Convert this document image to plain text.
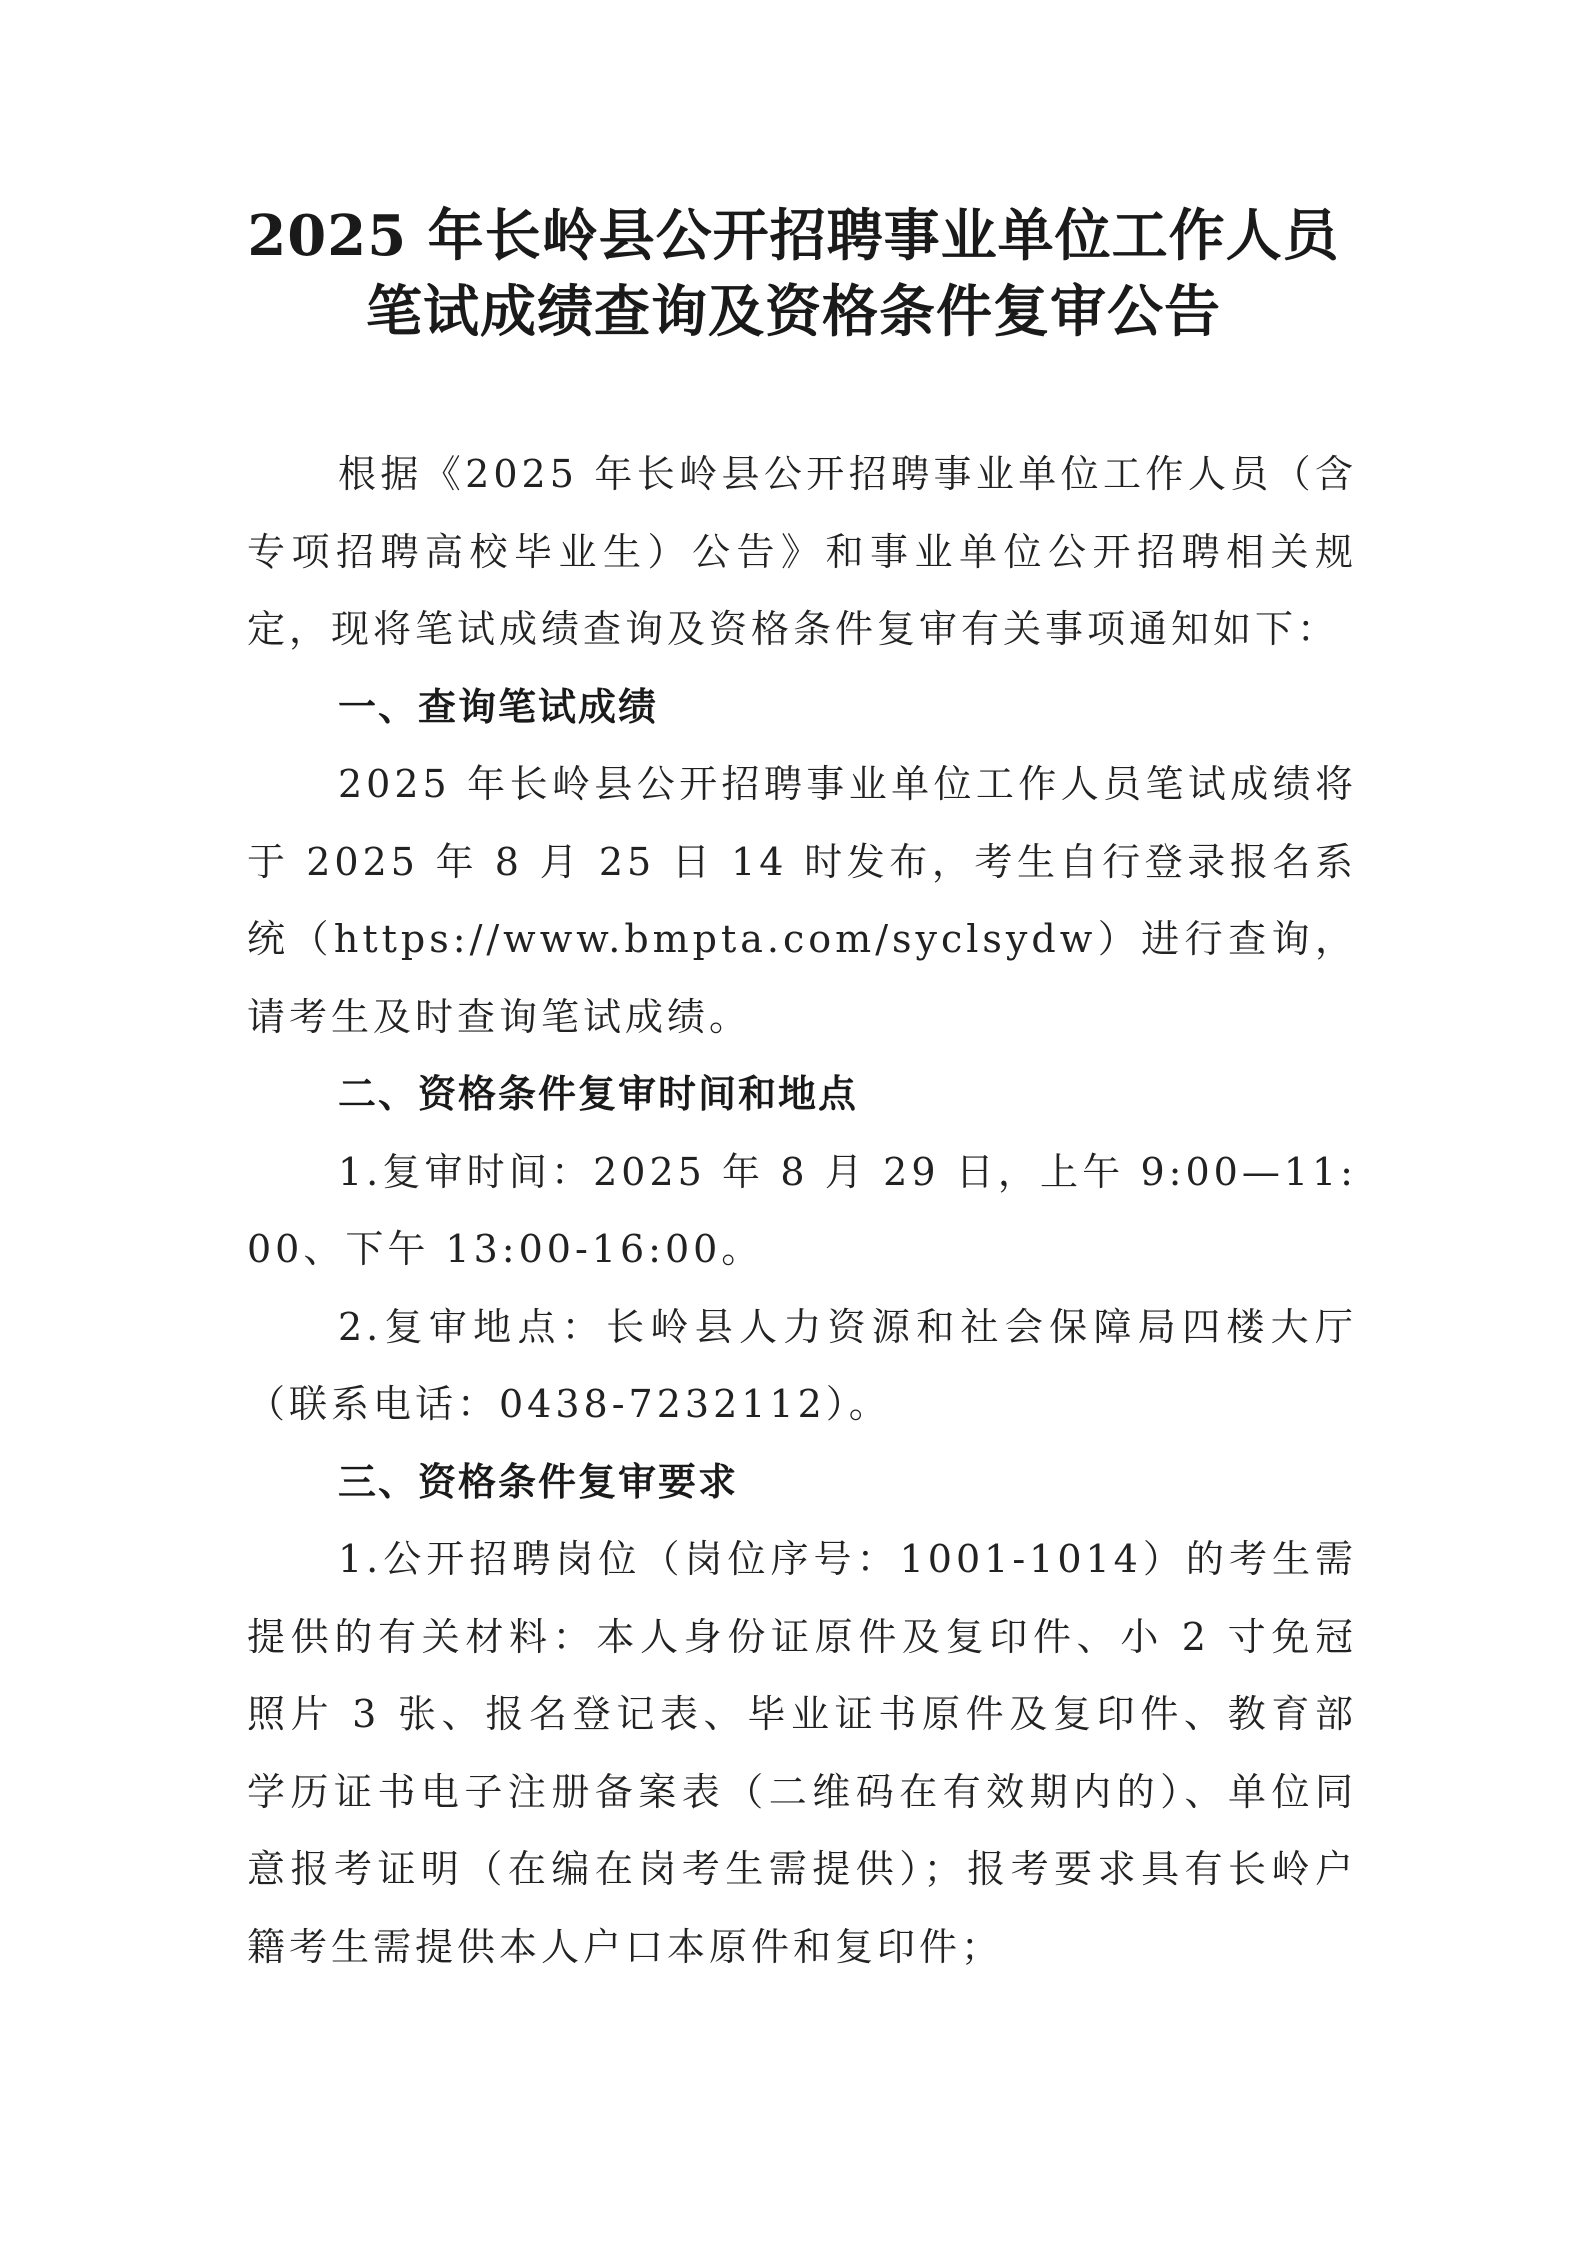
2025 年长岭县公开招聘事业单位工作人员
笔试成绩查询及资格条件复审公告

根据《2025 年长岭县公开招聘事业单位工作人员（含专项招聘高校毕业生）公告》和事业单位公开招聘相关规定，现将笔试成绩查询及资格条件复审有关事项通知如下：

一、查询笔试成绩

2025 年长岭县公开招聘事业单位工作人员笔试成绩将于 2025 年 8 月 25 日 14 时发布，考生自行登录报名系统（https://www.bmpta.com/syclsydw）进行查询，请考生及时查询笔试成绩。

二、资格条件复审时间和地点

1.复审时间：2025 年 8 月 29 日，上午 9:00—11:00、下午 13:00-16:00。

2.复审地点：长岭县人力资源和社会保障局四楼大厅（联系电话：0438-7232112）。

三、资格条件复审要求

1.公开招聘岗位（岗位序号：1001-1014）的考生需提供的有关材料：本人身份证原件及复印件、小 2 寸免冠照片 3 张、报名登记表、毕业证书原件及复印件、教育部学历证书电子注册备案表（二维码在有效期内的）、单位同意报考证明（在编在岗考生需提供）；报考要求具有长岭户籍考生需提供本人户口本原件和复印件；
